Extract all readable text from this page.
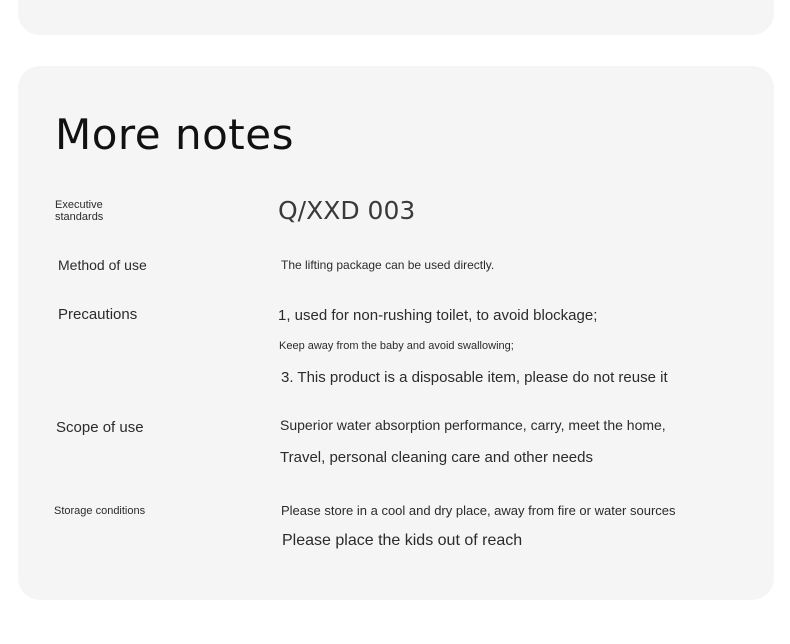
More notes
Executive standards	Q/XXD 003
Method of use	The lifting package can be used directly.
Precautions	1, used for non-rushing toilet, to avoid blockage;
Keep away from the baby and avoid swallowing;
3. This product is a disposable item, please do not reuse it
Scope of use	Superior water absorption performance, carry, meet the home,
Travel, personal cleaning care and other needs
Storage conditions	Please store in a cool and dry place, away from fire or water sources
Please place the kids out of reach
